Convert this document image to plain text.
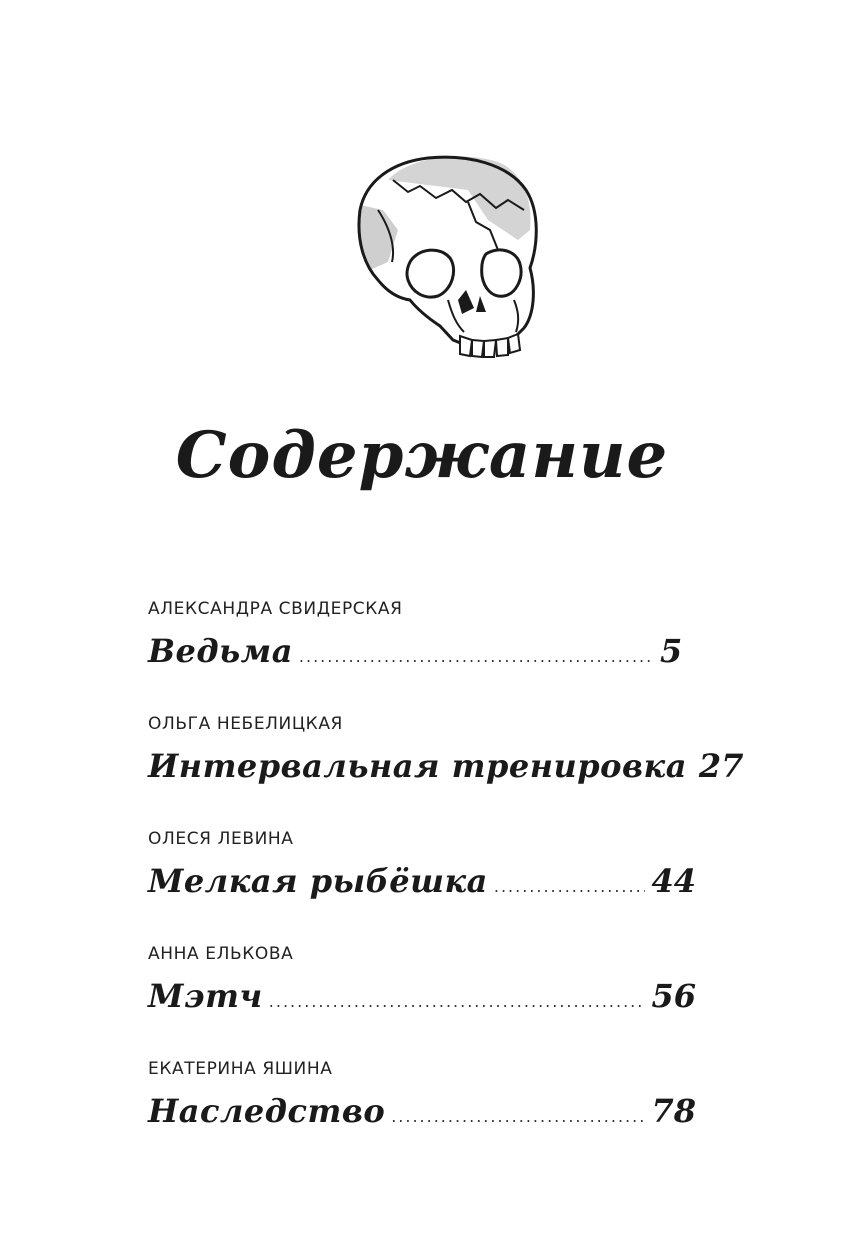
Содержание
АЛЕКСАНДРА СВИДЕРСКАЯ
Ведьма .....	5
ОЛЬГА НЕБЕЛИЦКАЯ
Интервальная тренировка 27
ОЛЕСЯ ЛЕВИНА
Мелкая рыбёшка .....	44
АННА ЕЛЬКОВА
Мэтч .....	56
ЕКАТЕРИНА ЯШИНА
Наследство .....	78
